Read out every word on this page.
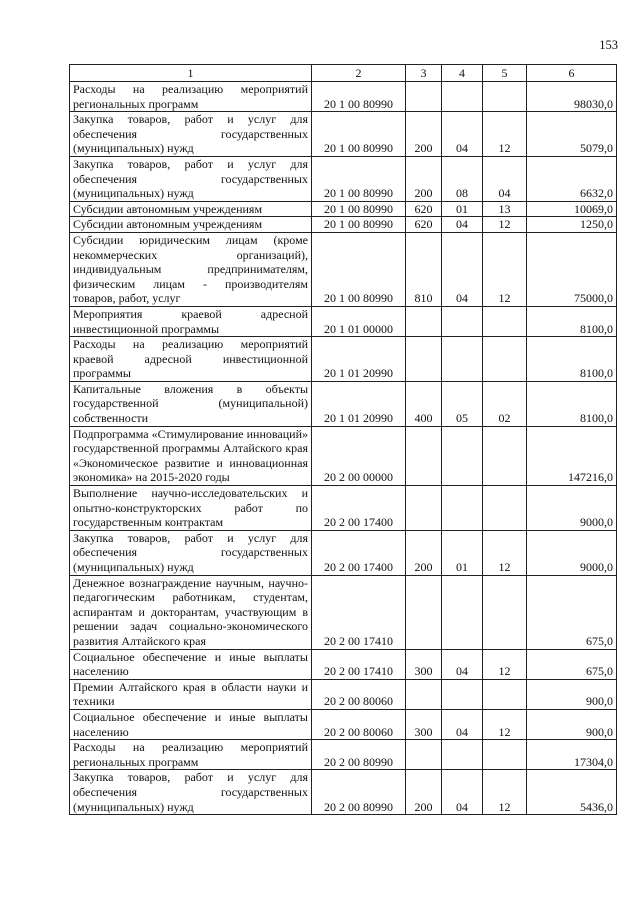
153
1	2	3	4	5	6
Расходы на реализацию мероприятий региональных программ	20 1 00 80990				98030,0
Закупка товаров, работ и услуг для обеспечения государственных (муниципальных) нужд	20 1 00 80990	200	04	12	5079,0
Закупка товаров, работ и услуг для обеспечения государственных (муниципальных) нужд	20 1 00 80990	200	08	04	6632,0
Субсидии автономным учреждениям	20 1 00 80990	620	01	13	10069,0
Субсидии автономным учреждениям	20 1 00 80990	620	04	12	1250,0
Субсидии юридическим лицам (кроме некоммерческих организаций), индивидуальным предпринимателям, физическим лицам - производителям товаров, работ, услуг	20 1 00 80990	810	04	12	75000,0
Мероприятия краевой адресной инвестиционной программы	20 1 01 00000				8100,0
Расходы на реализацию мероприятий краевой адресной инвестиционной программы	20 1 01 20990				8100,0
Капитальные вложения в объекты государственной (муниципальной) собственности	20 1 01 20990	400	05	02	8100,0
Подпрограмма «Стимулирование инноваций» государственной программы Алтайского края «Экономическое развитие и инновационная экономика» на 2015-2020 годы	20 2 00 00000				147216,0
Выполнение научно-исследовательских и опытно-конструкторских работ по государственным контрактам	20 2 00 17400				9000,0
Закупка товаров, работ и услуг для обеспечения государственных (муниципальных) нужд	20 2 00 17400	200	01	12	9000,0
Денежное вознаграждение научным, научно-педагогическим работникам, студентам, аспирантам и докторантам, участвующим в решении задач социально-экономического развития Алтайского края	20 2 00 17410				675,0
Социальное обеспечение и иные выплаты населению	20 2 00 17410	300	04	12	675,0
Премии Алтайского края в области науки и техники	20 2 00 80060				900,0
Социальное обеспечение и иные выплаты населению	20 2 00 80060	300	04	12	900,0
Расходы на реализацию мероприятий региональных программ	20 2 00 80990				17304,0
Закупка товаров, работ и услуг для обеспечения государственных (муниципальных) нужд	20 2 00 80990	200	04	12	5436,0
